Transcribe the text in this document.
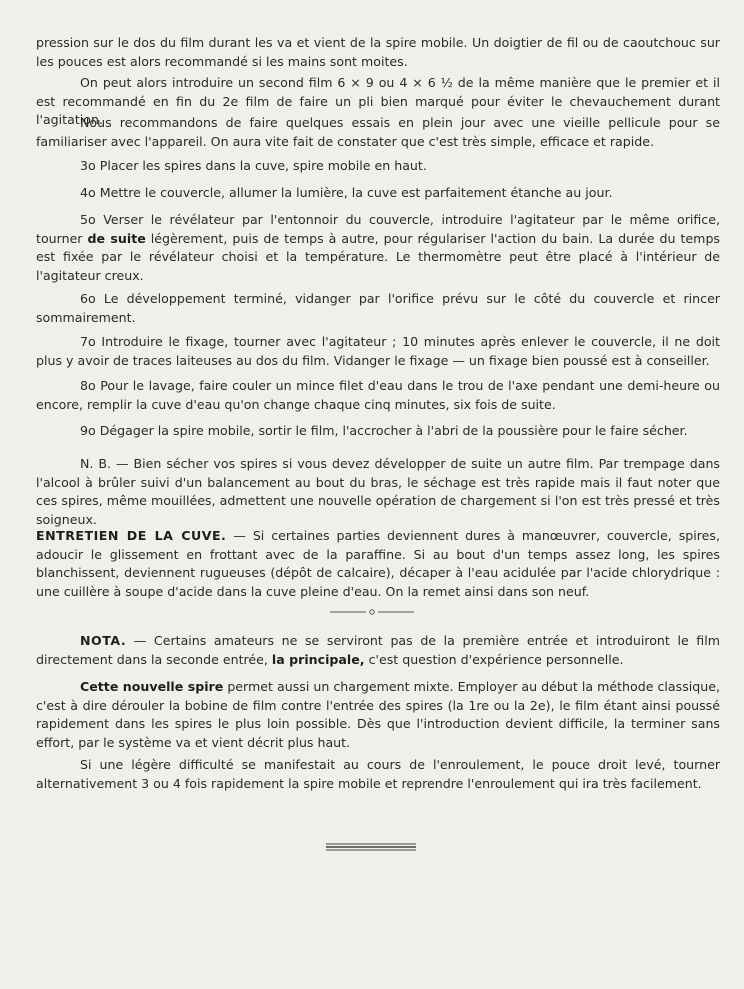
pression sur le dos du film durant les va et vient de la spire mobile. Un doigtier de fil ou de caoutchouc sur les pouces est alors recommandé si les mains sont moites.

On peut alors introduire un second film 6 × 9 ou 4 × 6 ½ de la même manière que le premier et il est recommandé en fin du 2e film de faire un pli bien marqué pour éviter le chevauchement durant l'agitation.

Nous recommandons de faire quelques essais en plein jour avec une vieille pellicule pour se familiariser avec l'appareil. On aura vite fait de constater que c'est très simple, efficace et rapide.

3o Placer les spires dans la cuve, spire mobile en haut.

4o Mettre le couvercle, allumer la lumière, la cuve est parfaitement étanche au jour.

5o Verser le révélateur par l'entonnoir du couvercle, introduire l'agitateur par le même orifice, tourner de suite légèrement, puis de temps à autre, pour régulariser l'action du bain. La durée du temps est fixée par le révélateur choisi et la température. Le thermomètre peut être placé à l'intérieur de l'agitateur creux.

6o Le développement terminé, vidanger par l'orifice prévu sur le côté du couvercle et rincer sommairement.

7o Introduire le fixage, tourner avec l'agitateur ; 10 minutes après enlever le couvercle, il ne doit plus y avoir de traces laiteuses au dos du film. Vidanger le fixage — un fixage bien poussé est à conseiller.

8o Pour le lavage, faire couler un mince filet d'eau dans le trou de l'axe pendant une demi-heure ou encore, remplir la cuve d'eau qu'on change chaque cinq minutes, six fois de suite.

9o Dégager la spire mobile, sortir le film, l'accrocher à l'abri de la poussière pour le faire sécher.

N. B. — Bien sécher vos spires si vous devez développer de suite un autre film. Par trempage dans l'alcool à brûler suivi d'un balancement au bout du bras, le séchage est très rapide mais il faut noter que ces spires, même mouillées, admettent une nouvelle opération de chargement si l'on est très pressé et très soigneux.

ENTRETIEN DE LA CUVE. — Si certaines parties deviennent dures à manœuvrer, couvercle, spires, adoucir le glissement en frottant avec de la paraffine. Si au bout d'un temps assez long, les spires blanchissent, deviennent rugueuses (dépôt de calcaire), décaper à l'eau acidulée par l'acide chlorydrique : une cuillère à soupe d'acide dans la cuve pleine d'eau. On la remet ainsi dans son neuf.

NOTA. — Certains amateurs ne se serviront pas de la première entrée et introduiront le film directement dans la seconde entrée, la principale, c'est question d'expérience personnelle.

Cette nouvelle spire permet aussi un chargement mixte. Employer au début la méthode classique, c'est à dire dérouler la bobine de film contre l'entrée des spires (la 1re ou la 2e), le film étant ainsi poussé rapidement dans les spires le plus loin possible. Dès que l'introduction devient difficile, la terminer sans effort, par le système va et vient décrit plus haut.

Si une légère difficulté se manifestait au cours de l'enroulement, le pouce droit levé, tourner alternativement 3 ou 4 fois rapidement la spire mobile et reprendre l'enroulement qui ira très facilement.
